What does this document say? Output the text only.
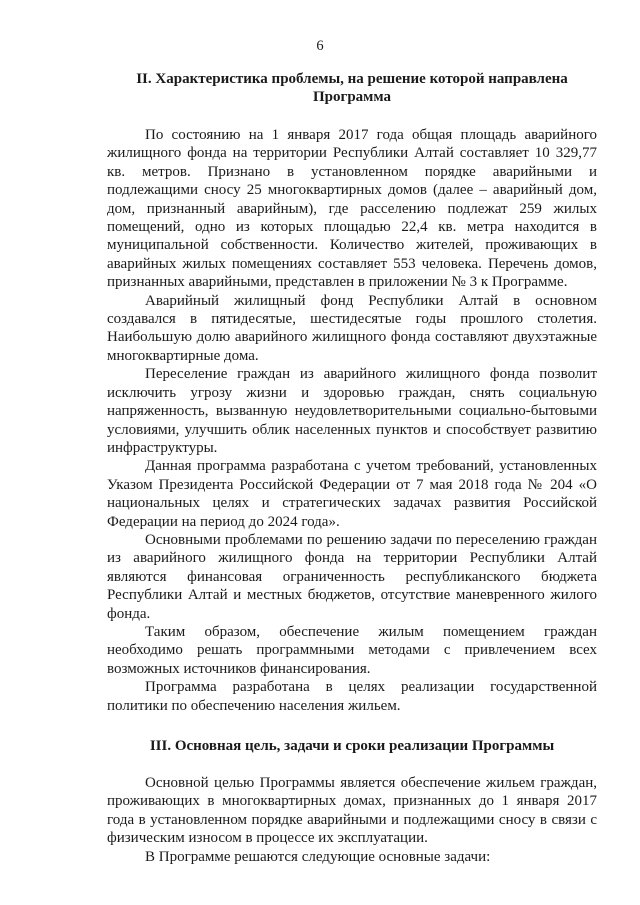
6
II. Характеристика проблемы, на решение которой направлена Программа

По состоянию на 1 января 2017 года общая площадь аварийного жилищного фонда на территории Республики Алтай составляет 10 329,77 кв. метров. Признано в установленном порядке аварийными и подлежащими сносу 25 многоквартирных домов (далее – аварийный дом, дом, признанный аварийным), где расселению подлежат 259 жилых помещений, одно из которых площадью 22,4 кв. метра находится в муниципальной собственности. Количество жителей, проживающих в аварийных жилых помещениях составляет 553 человека. Перечень домов, признанных аварийными, представлен в приложении № 3 к Программе.

Аварийный жилищный фонд Республики Алтай в основном создавался в пятидесятые, шестидесятые годы прошлого столетия. Наибольшую долю аварийного жилищного фонда составляют двухэтажные многоквартирные дома.

Переселение граждан из аварийного жилищного фонда позволит исключить угрозу жизни и здоровью граждан, снять социальную напряженность, вызванную неудовлетворительными социально-бытовыми условиями, улучшить облик населенных пунктов и способствует развитию инфраструктуры.

Данная программа разработана с учетом требований, установленных Указом Президента Российской Федерации от 7 мая 2018 года № 204 «О национальных целях и стратегических задачах развития Российской Федерации на период до 2024 года».

Основными проблемами по решению задачи по переселению граждан из аварийного жилищного фонда на территории Республики Алтай являются финансовая ограниченность республиканского бюджета Республики Алтай и местных бюджетов, отсутствие маневренного жилого фонда.

Таким образом, обеспечение жилым помещением граждан необходимо решать программными методами с привлечением всех возможных источников финансирования.

Программа разработана в целях реализации государственной политики по обеспечению населения жильем.

III. Основная цель, задачи и сроки реализации Программы

Основной целью Программы является обеспечение жильем граждан, проживающих в многоквартирных домах, признанных до 1 января 2017 года в установленном порядке аварийными и подлежащими сносу в связи с физическим износом в процессе их эксплуатации.

В Программе решаются следующие основные задачи:
